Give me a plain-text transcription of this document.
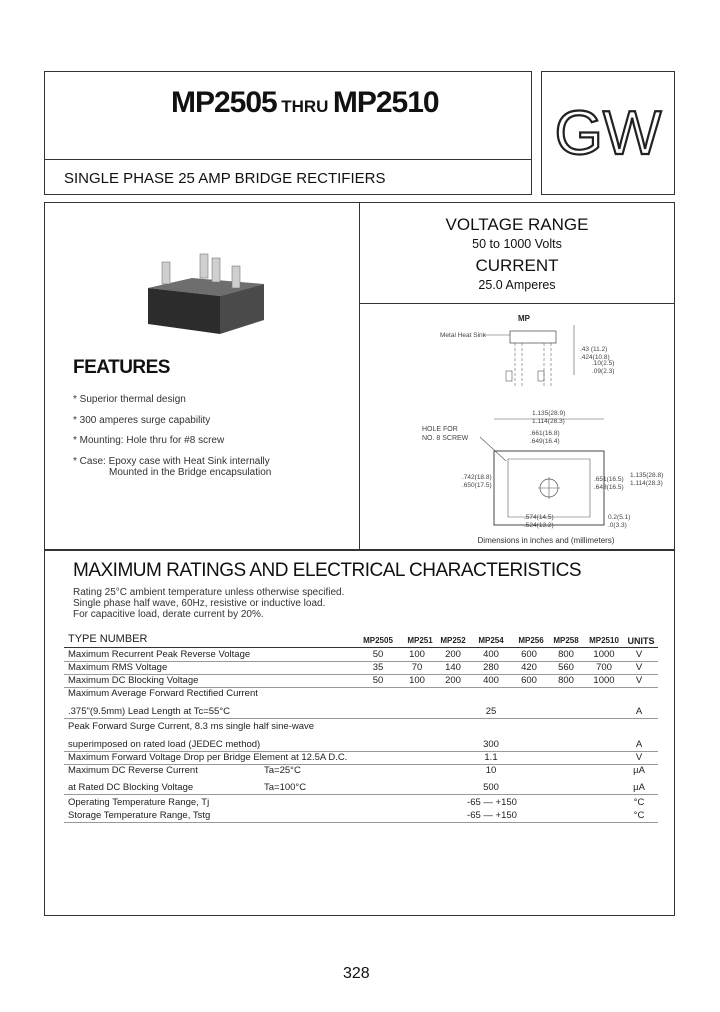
MP2505 THRU MP2510
SINGLE PHASE 25 AMP BRIDGE RECTIFIERS
GW
FEATURES
* Superior thermal design
* 300 amperes surge capability
* Mounting: Hole thru for #8 screw
* Case: Epoxy case with Heat Sink internally
Mounted in the Bridge encapsulation
VOLTAGE RANGE
50 to 1000 Volts
CURRENT
25.0 Amperes
MP
Metal Heat Sink
.43 (11.2)
.424(10.8)
.10(2.5)
.09(2.3)
1.135(28.9)
1.114(28.3)
HOLE FOR
NO. 8 SCREW
.661(16.8)
.649(16.4)
.742(18.8)
.650(17.5)
.651(16.5)
.648(16.5)
1.135(28.8)
1.114(28.3)
.574(14.5)
.524(13.2)
0.2(5.1)
.0(3.3)
Dimensions in inches and (millimeters)
MAXIMUM RATINGS AND ELECTRICAL CHARACTERISTICS
Rating 25°C ambient temperature unless otherwise specified.
Single phase half wave, 60Hz, resistive or inductive load.
For capacitive load, derate current by 20%.
TYPE NUMBER	MP2505	MP251 MP252	MP254	MP256	MP258	MP2510 UNITS
Maximum Recurrent Peak Reverse Voltage	50	100	200	400	600	800	1000	V
Maximum RMS Voltage	35	70	140	280	420	560	700	V
Maximum DC Blocking Voltage	50	100	200	400	600	800	1000	V
Maximum Average Forward Rectified Current
.375"(9.5mm) Lead Length at Tc=55°C	25	A
Peak Forward Surge Current, 8.3 ms single half sine-wave
superimposed on rated load (JEDEC method)	300	A
Maximum Forward Voltage Drop per Bridge Element at 12.5A D.C.	1.1	V
Maximum DC Reverse Current	Ta=25°C	10	µA
at Rated DC Blocking Voltage	Ta=100°C	500	µA
Operating Temperature Range, Tj	-65 — +150	°C
Storage Temperature Range, Tstg	-65 — +150	°C
328
